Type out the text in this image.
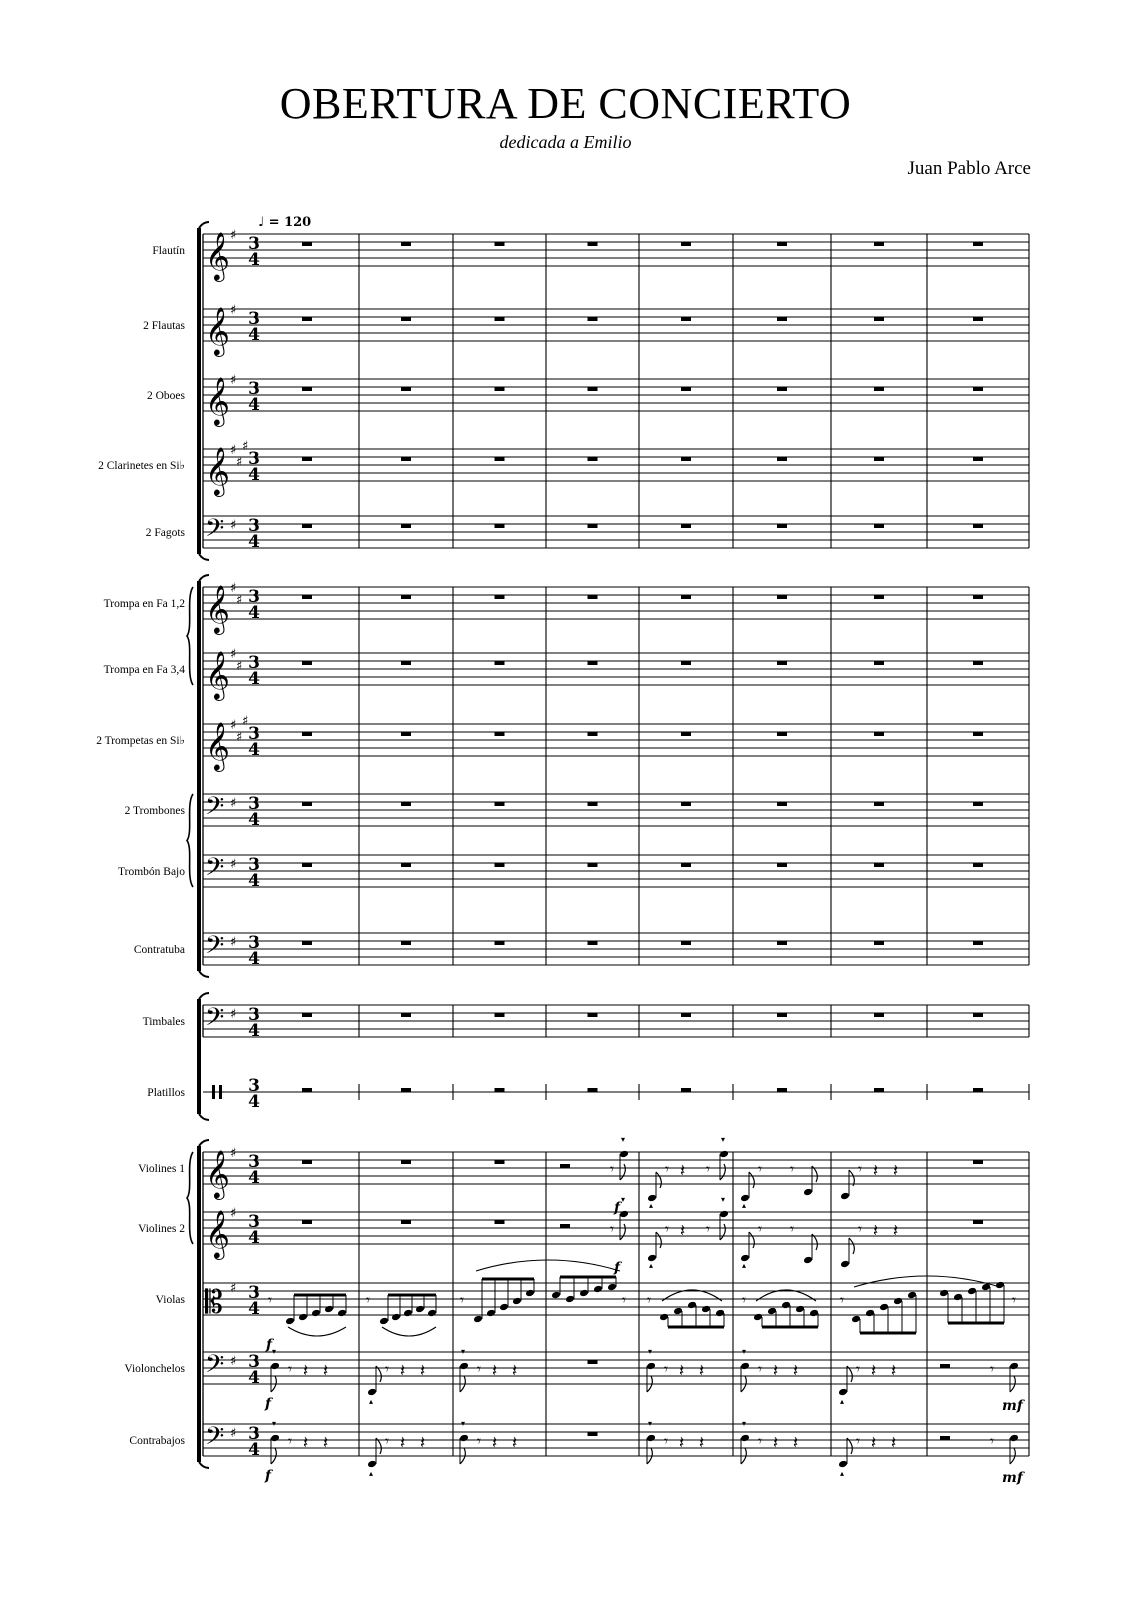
OBERTURA DE CONCIERTO
dedicada a Emilio
Juan Pablo Arce
♩ = 120
Flautín 𝄞 ♯ 3
4
2 Flautas 𝄞 ♯ 3
4
2 Oboes 𝄞 ♯ 3
4
2 Clarinetes en Si♭ 𝄞 ♯
♯
♯
3
4
2 Fagots 𝄢 ♯ 3
4
Trompa en Fa 1,2 𝄞 ♯
♯ 3
4
Trompa en Fa 3,4 𝄞 ♯
♯ 3
4
2 Trompetas en Si♭ 𝄞 ♯
♯
♯
3
4
2 Trombones 𝄢 ♯ 3
4
Trombón Bajo 𝄢 ♯ 3
4
Contratuba 𝄢 ♯ 3
4
Timbales 𝄢 ♯ 3
4
Platillos	3
4
Violines 1 𝄞 ♯ 3
4
Violines 2 𝄞 ♯ 3
4
Violas 𝄡 ♯ 3
4
Violonchelos 𝄢 ♯ 3
4
Contrabajos 𝄢 ♯ 3
4
𝄾
▾
f	▴
𝄾 𝄽 𝄾
▾
▴
𝄾 𝄾	𝄾 𝄽 𝄽
𝄾
▾
f	▴
𝄾 𝄽 𝄾
▾
▴
𝄾 𝄾	𝄾 𝄽 𝄽
𝄾
f
𝄾	𝄾	𝄾 𝄾	𝄾	𝄾	𝄾
▾
𝄾 𝄽 𝄽
▴
𝄾 𝄽 𝄽
▾
𝄾 𝄽 𝄽
▾
𝄾 𝄽 𝄽
▾
𝄾 𝄽 𝄽
▴
𝄾 𝄽 𝄽	𝄾
f	mf
▾
𝄾 𝄽 𝄽
▴
𝄾 𝄽 𝄽
▾
𝄾 𝄽 𝄽
▾
𝄾 𝄽 𝄽
▾
𝄾 𝄽 𝄽
▴
𝄾 𝄽 𝄽	𝄾
f	mf
